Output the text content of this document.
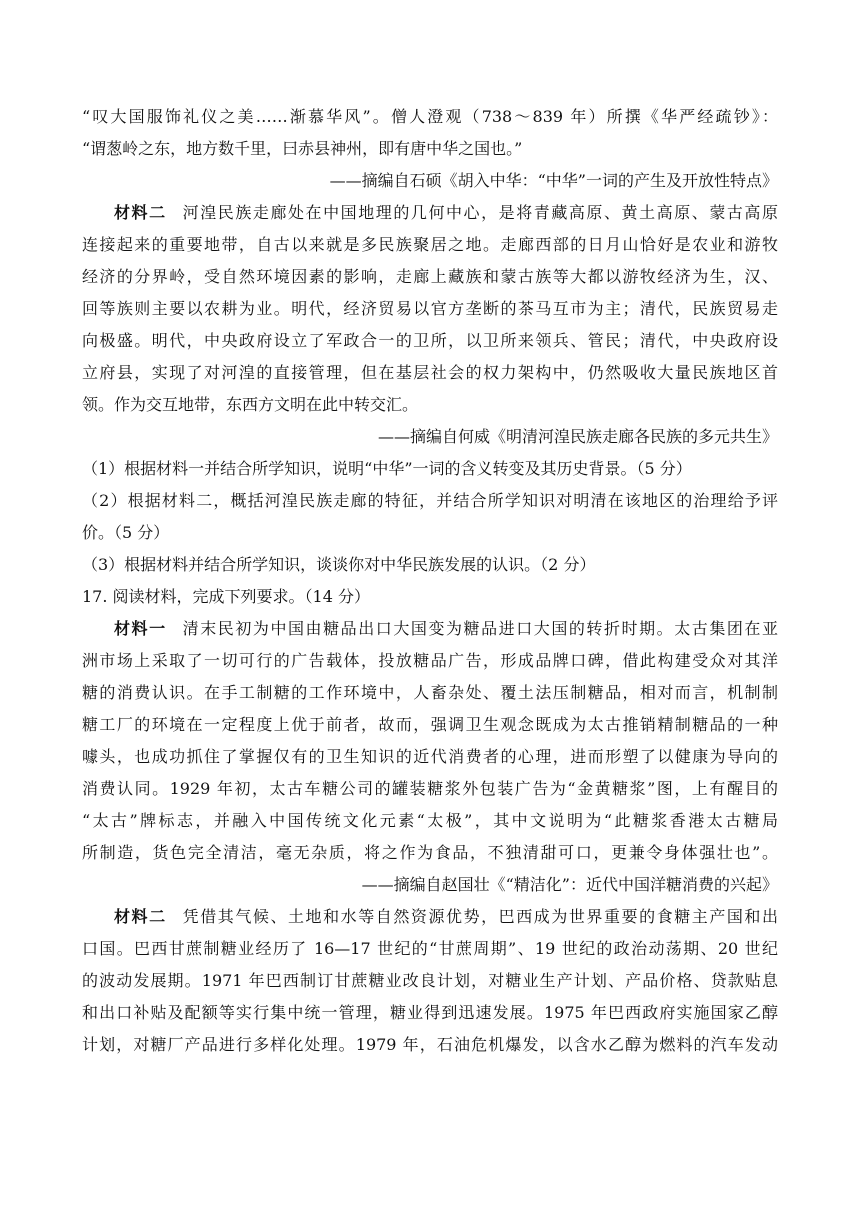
“叹大国服饰礼仪之美……渐慕华风”。僧人澄观（738～839 年）所撰《华严经疏钞》：
“谓葱岭之东，地方数千里，曰赤县神州，即有唐中华之国也。”
——摘编自石硕《胡入中华：“中华”一词的产生及开放性特点》
材料二 河湟民族走廊处在中国地理的几何中心，是将青藏高原、黄土高原、蒙古高原
连接起来的重要地带，自古以来就是多民族聚居之地。走廊西部的日月山恰好是农业和游牧
经济的分界岭，受自然环境因素的影响，走廊上藏族和蒙古族等大都以游牧经济为生，汉、
回等族则主要以农耕为业。明代，经济贸易以官方垄断的茶马互市为主；清代，民族贸易走
向极盛。明代，中央政府设立了军政合一的卫所，以卫所来领兵、管民；清代，中央政府设
立府县，实现了对河湟的直接管理，但在基层社会的权力架构中，仍然吸收大量民族地区首
领。作为交互地带，东西方文明在此中转交汇。
——摘编自何威《明清河湟民族走廊各民族的多元共生》
（1）根据材料一并结合所学知识，说明“中华”一词的含义转变及其历史背景。（5 分）
（2）根据材料二，概括河湟民族走廊的特征，并结合所学知识对明清在该地区的治理给予评
价。（5 分）
（3）根据材料并结合所学知识，谈谈你对中华民族发展的认识。（2 分）
17. 阅读材料，完成下列要求。（14 分）
材料一 清末民初为中国由糖品出口大国变为糖品进口大国的转折时期。太古集团在亚
洲市场上采取了一切可行的广告载体，投放糖品广告，形成品牌口碑，借此构建受众对其洋
糖的消费认识。在手工制糖的工作环境中，人畜杂处、覆土法压制糖品，相对而言，机制制
糖工厂的环境在一定程度上优于前者，故而，强调卫生观念既成为太古推销精制糖品的一种
噱头，也成功抓住了掌握仅有的卫生知识的近代消费者的心理，进而形塑了以健康为导向的
消费认同。1929 年初，太古车糖公司的罐装糖浆外包装广告为“金黄糖浆”图，上有醒目的
“太古”牌标志，并融入中国传统文化元素“太极”，其中文说明为“此糖浆香港太古糖局
所制造，货色完全清洁，毫无杂质，将之作为食品，不独清甜可口，更兼令身体强壮也”。
——摘编自赵国壮《“精洁化”：近代中国洋糖消费的兴起》
材料二 凭借其气候、土地和水等自然资源优势，巴西成为世界重要的食糖主产国和出
口国。巴西甘蔗制糖业经历了 16—17 世纪的“甘蔗周期”、19 世纪的政治动荡期、20 世纪
的波动发展期。1971 年巴西制订甘蔗糖业改良计划，对糖业生产计划、产品价格、贷款贴息
和出口补贴及配额等实行集中统一管理，糖业得到迅速发展。1975 年巴西政府实施国家乙醇
计划，对糖厂产品进行多样化处理。1979 年，石油危机爆发，以含水乙醇为燃料的汽车发动
